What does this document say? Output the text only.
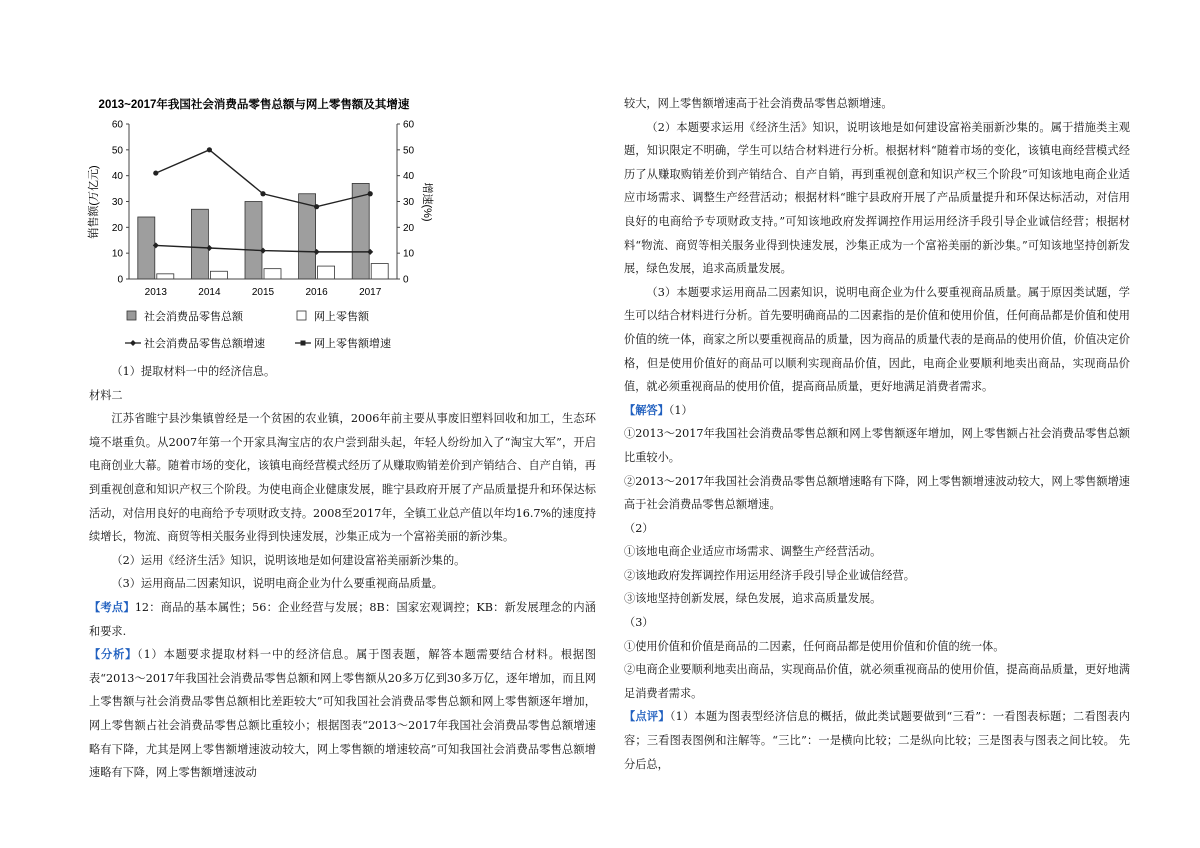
2013~2017年我国社会消费品零售总额与网上零售额及其增速
0
10
20
30
40
50
60
0
10
20
30
40
50
60
2013	2014	2015	2016	2017
销售额(万亿元)	增速(%)
社会消费品零售总额	网上零售额
社会消费品零售总额增速	网上零售额增速

（1）提取材料一中的经济信息。

材料二

江苏省睢宁县沙集镇曾经是一个贫困的农业镇，2006年前主要从事废旧塑料回收和加工，生态环境不堪重负。从2007年第一个开家具淘宝店的农户尝到甜头起，年轻人纷纷加入了“淘宝大军”，开启电商创业大幕。随着市场的变化，该镇电商经营模式经历了从赚取购销差价到产销结合、自产自销，再到重视创意和知识产权三个阶段。为使电商企业健康发展，睢宁县政府开展了产品质量提升和环保达标活动，对信用良好的电商给予专项财政支持。2008至2017年，全镇工业总产值以年均16.7%的速度持续增长，物流、商贸等相关服务业得到快速发展，沙集正成为一个富裕美丽的新沙集。

（2）运用《经济生活》知识，说明该地是如何建设富裕美丽新沙集的。

（3）运用商品二因素知识，说明电商企业为什么要重视商品质量。

【考点】12：商品的基本属性；56：企业经营与发展；8B：国家宏观调控；KB：新发展理念的内涵和要求.

【分析】（1）本题要求提取材料一中的经济信息。属于图表题，解答本题需要结合材料。根据图表“2013～2017年我国社会消费品零售总额和网上零售额从20多万亿到30多万亿，逐年增加，而且网上零售额与社会消费品零售总额相比差距较大”可知我国社会消费品零售总额和网上零售额逐年增加，网上零售额占社会消费品零售总额比重较小；根据图表“2013～2017年我国社会消费品零售总额增速略有下降，尤其是网上零售额增速波动较大，网上零售额的增速较高”可知我国社会消费品零售总额增速略有下降，网上零售额增速波动

较大，网上零售额增速高于社会消费品零售总额增速。

（2）本题要求运用《经济生活》知识，说明该地是如何建设富裕美丽新沙集的。属于措施类主观题，知识限定不明确，学生可以结合材料进行分析。根据材料“随着市场的变化，该镇电商经营模式经历了从赚取购销差价到产销结合、自产自销，再到重视创意和知识产权三个阶段”可知该地电商企业适应市场需求、调整生产经营活动；根据材料“睢宁县政府开展了产品质量提升和环保达标活动，对信用良好的电商给予专项财政支持。”可知该地政府发挥调控作用运用经济手段引导企业诚信经营；根据材料“物流、商贸等相关服务业得到快速发展，沙集正成为一个富裕美丽的新沙集。”可知该地坚持创新发展，绿色发展，追求高质量发展。

（3）本题要求运用商品二因素知识，说明电商企业为什么要重视商品质量。属于原因类试题，学生可以结合材料进行分析。首先要明确商品的二因素指的是价值和使用价值，任何商品都是价值和使用价值的统一体，商家之所以要重视商品的质量，因为商品的质量代表的是商品的使用价值，价值决定价格，但是使用价值好的商品可以顺利实现商品价值，因此，电商企业要顺利地卖出商品，实现商品价值，就必须重视商品的使用价值，提高商品质量，更好地满足消费者需求。

【解答】（1）

①2013～2017年我国社会消费品零售总额和网上零售额逐年增加，网上零售额占社会消费品零售总额比重较小。

②2013～2017年我国社会消费品零售总额增速略有下降，网上零售额增速波动较大，网上零售额增速高于社会消费品零售总额增速。

（2）

①该地电商企业适应市场需求、调整生产经营活动。

②该地政府发挥调控作用运用经济手段引导企业诚信经营。

③该地坚持创新发展，绿色发展，追求高质量发展。

（3）

①使用价值和价值是商品的二因素，任何商品都是使用价值和价值的统一体。

②电商企业要顺利地卖出商品，实现商品价值，就必须重视商品的使用价值，提高商品质量，更好地满足消费者需求。

【点评】（1）本题为图表型经济信息的概括，做此类试题要做到“三看”：一看图表标题；二看图表内容；三看图表图例和注解等。“三比”：一是横向比较；二是纵向比较；三是图表与图表之间比较。 先分后总，
